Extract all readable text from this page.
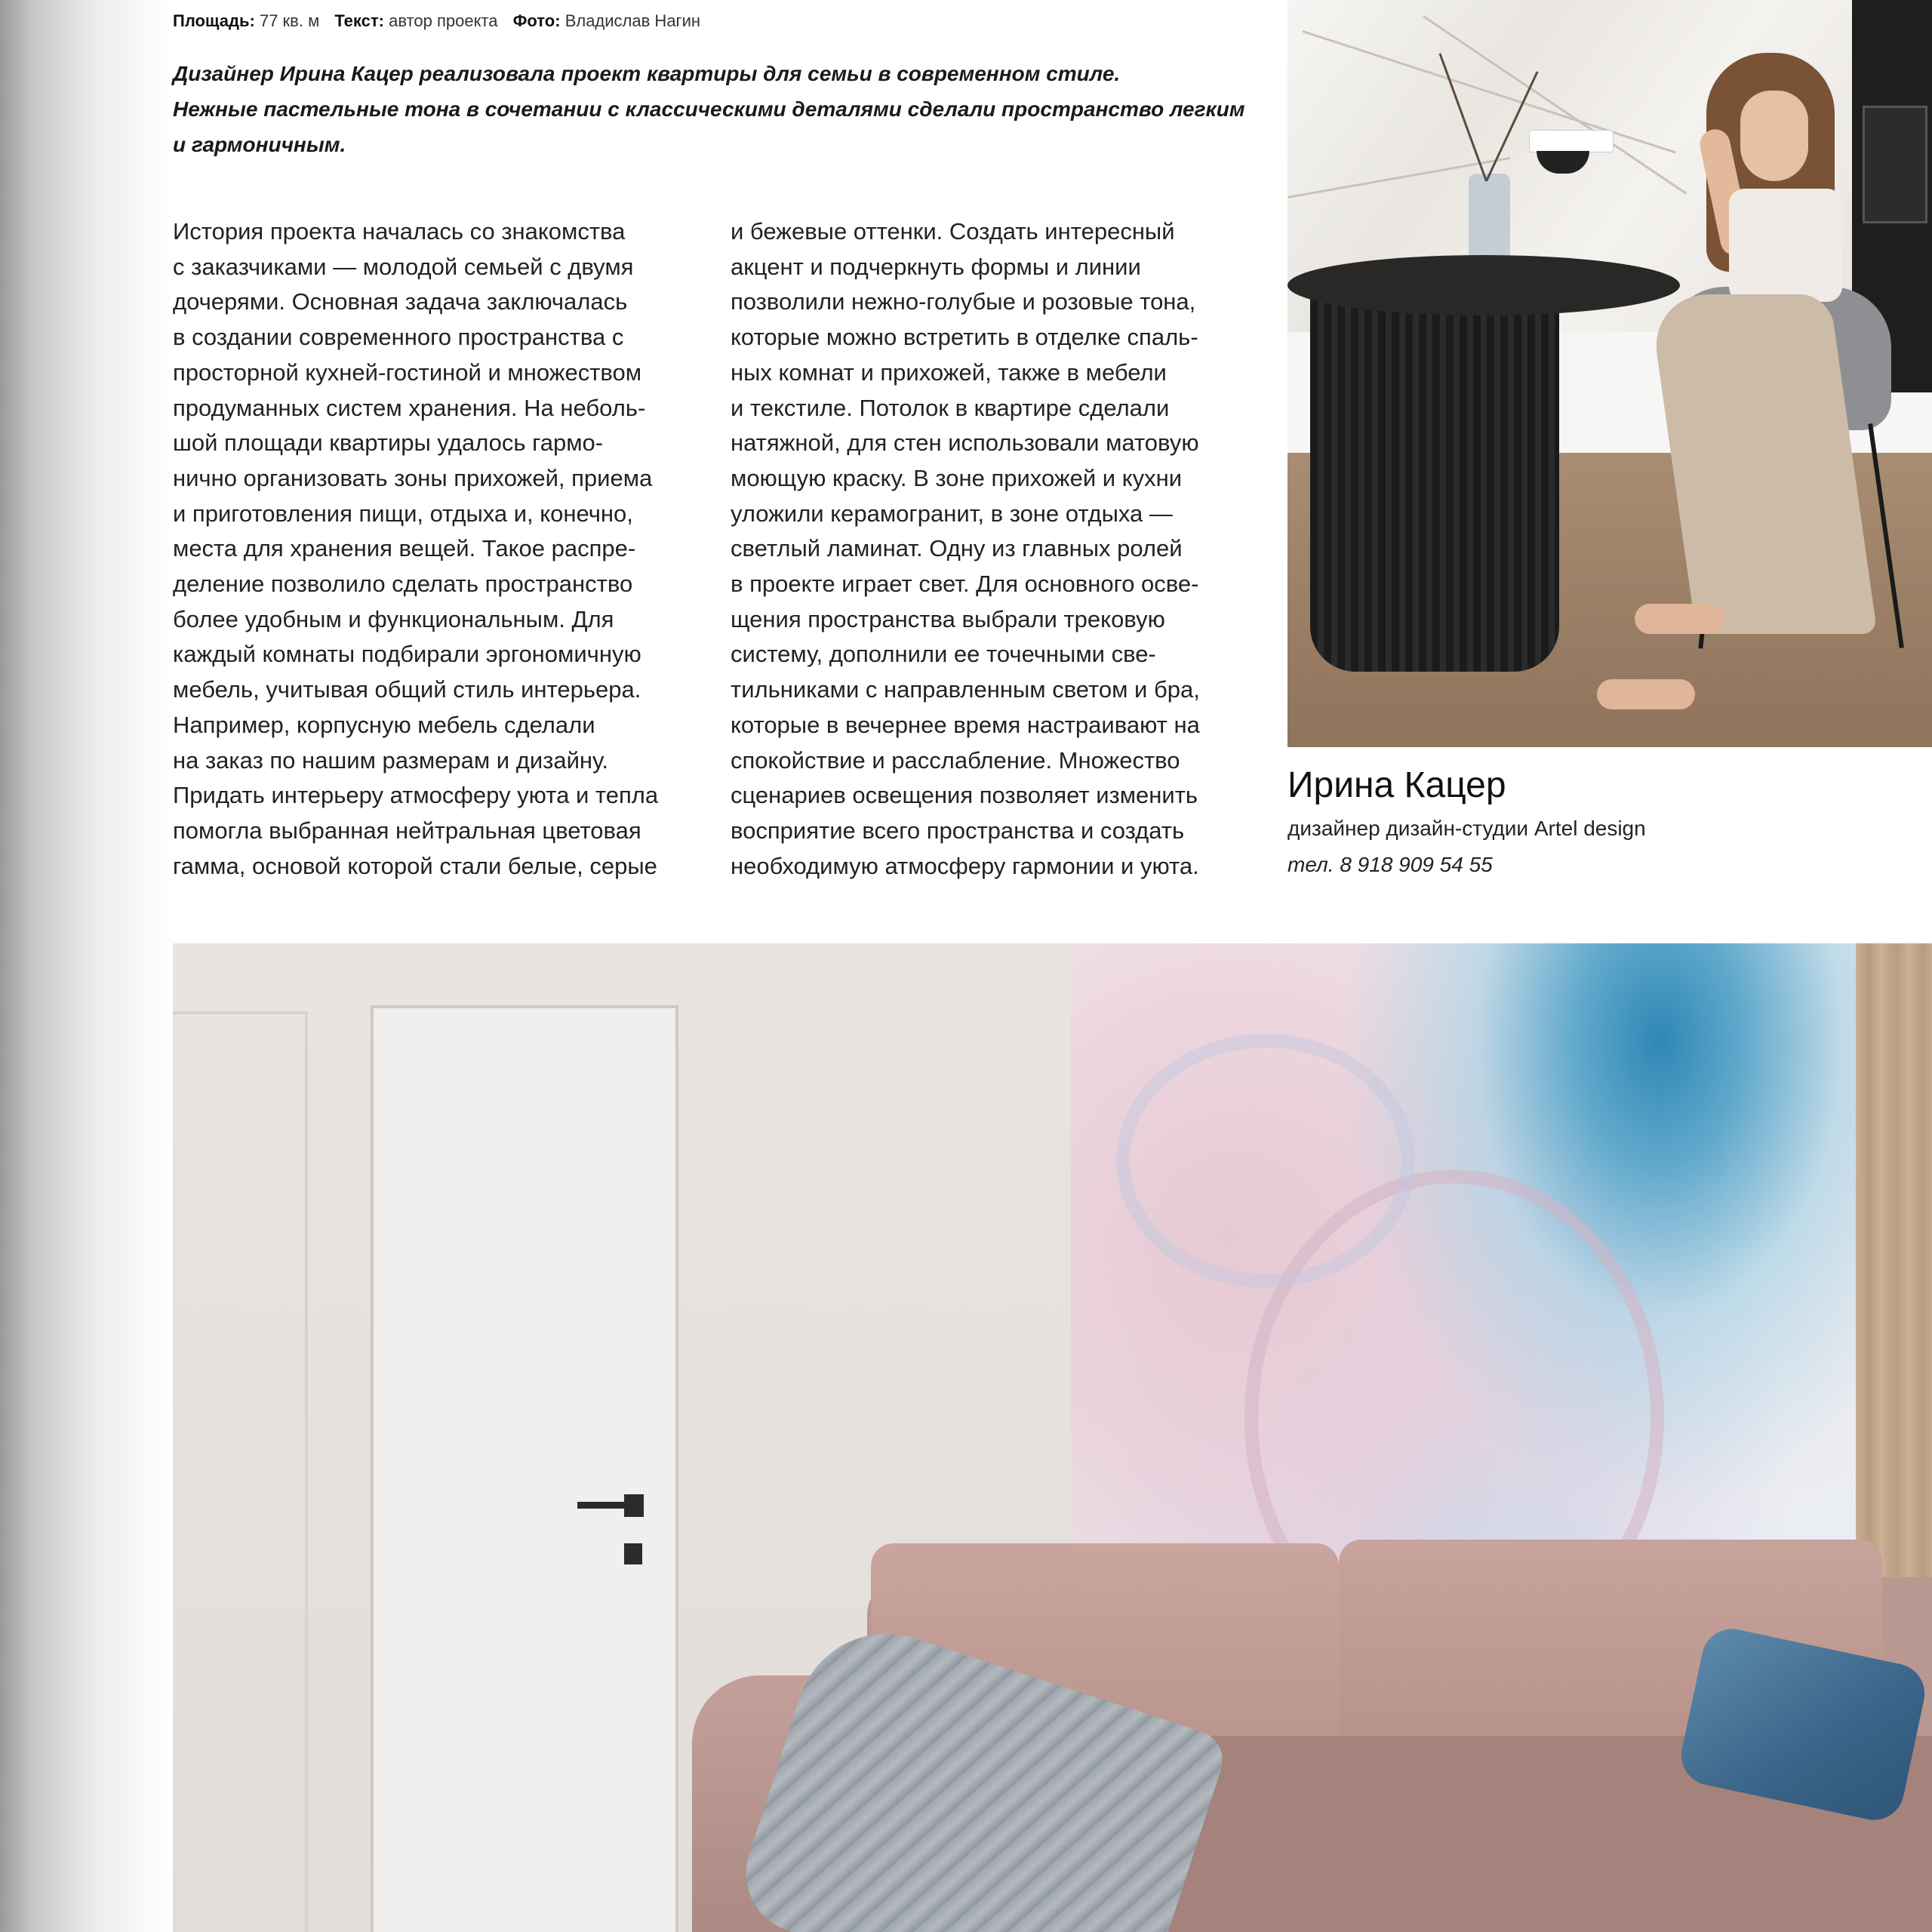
Площадь: 77 кв. м Текст: автор проекта Фото: Владислав Нагин
Дизайнер Ирина Кацер реализовала проект квартиры для семьи в современном стиле.
Нежные пастельные тона в сочетании с классическими деталями сделали пространство легким
и гармоничным.
История проекта началась со знакомства
с заказчиками — молодой семьей с двумя
дочерями. Основная задача заключалась
в создании современного пространства с
просторной кухней-гостиной и множеством
продуманных систем хранения. На неболь-
шой площади квартиры удалось гармо-
нично организовать зоны прихожей, приема
и приготовления пищи, отдыха и, конечно,
места для хранения вещей. Такое распре-
деление позволило сделать пространство
более удобным и функциональным. Для
каждый комнаты подбирали эргономичную
мебель, учитывая общий стиль интерьера.
Например, корпусную мебель сделали
на заказ по нашим размерам и дизайну.
Придать интерьеру атмосферу уюта и тепла
помогла выбранная нейтральная цветовая
гамма, основой которой стали белые, серые
и бежевые оттенки. Создать интересный
акцент и подчеркнуть формы и линии
позволили нежно-голубые и розовые тона,
которые можно встретить в отделке спаль-
ных комнат и прихожей, также в мебели
и текстиле. Потолок в квартире сделали
натяжной, для стен использовали матовую
моющую краску. В зоне прихожей и кухни
уложили керамогранит, в зоне отдыха —
светлый ламинат. Одну из главных ролей
в проекте играет свет. Для основного осве-
щения пространства выбрали трековую
систему, дополнили ее точечными све-
тильниками с направленным светом и бра,
которые в вечернее время настраивают на
спокойствие и расслабление. Множество
сценариев освещения позволяет изменить
восприятие всего пространства и создать
необходимую атмосферу гармонии и уюта.
Ирина Кацер
дизайнер дизайн-студии Artel design
тел. 8 918 909 54 55
